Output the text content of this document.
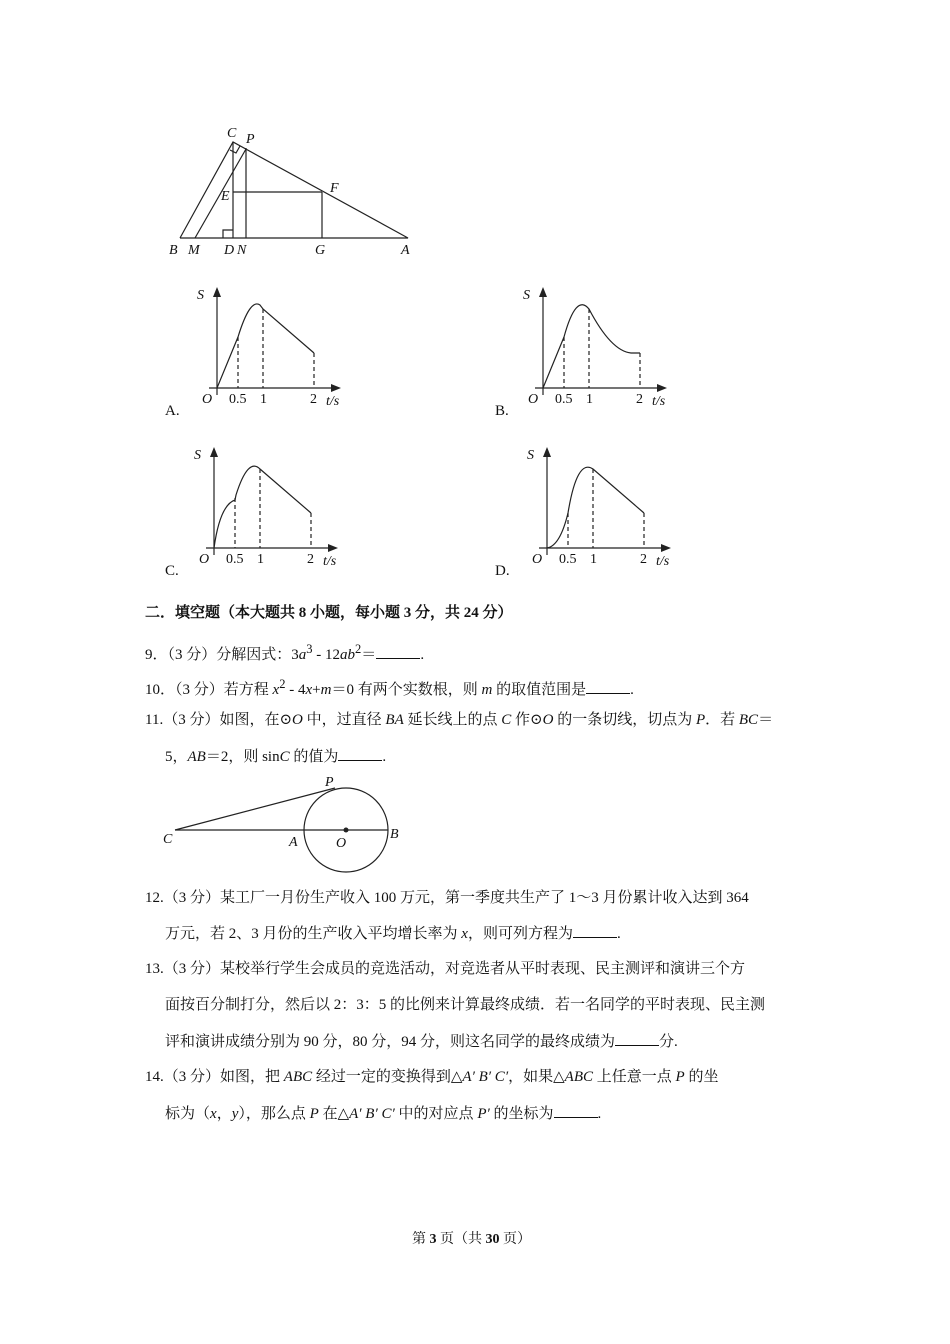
C P
E
F
B M D N	G	A
S
O 0.5 1	2 t/s
A.
S
O 0.5 1	2 t/s
B.
S
O 0.5 1	2 t/s
C.
S
O 0.5 1	2 t/s
D.
二．填空题（本大题共 8 小题，每小题 3 分，共 24 分）
9．（3 分）分解因式：$3a^3 - 12ab^2=$	.
10．（3 分）若方程 $x^2 - 4x+m=0$ 有两个实数根，则 m 的取值范围是	.
11.（3 分）如图，在⊙O 中，过直径 BA 延长线上的点 C 作⊙O 的一条切线，切点为 P．若 BC＝
5，AB＝2，则 sinC 的值为	.
P
C	A	O
B
12.（3 分）某工厂一月份生产收入 100 万元，第一季度共生产了 1～3 月份累计收入达到 364
万元，若 2、3 月份的生产收入平均增长率为 x，则可列方程为	.
13.（3 分）某校举行学生会成员的竞选活动，对竞选者从平时表现、民主测评和演讲三个方
面按百分制打分，然后以 2：3：5 的比例来计算最终成绩．若一名同学的平时表现、民主测
评和演讲成绩分别为 90 分，80 分，94 分，则这名同学的最终成绩为	分.
14.（3 分）如图，把 ABC 经过一定的变换得到△A′ B′ C′，如果△ABC 上任意一点 P 的坐
标为（x，y），那么点 P 在△A′ B′ C′ 中的对应点 P′ 的坐标为	.
第 3 页（共 30 页）
